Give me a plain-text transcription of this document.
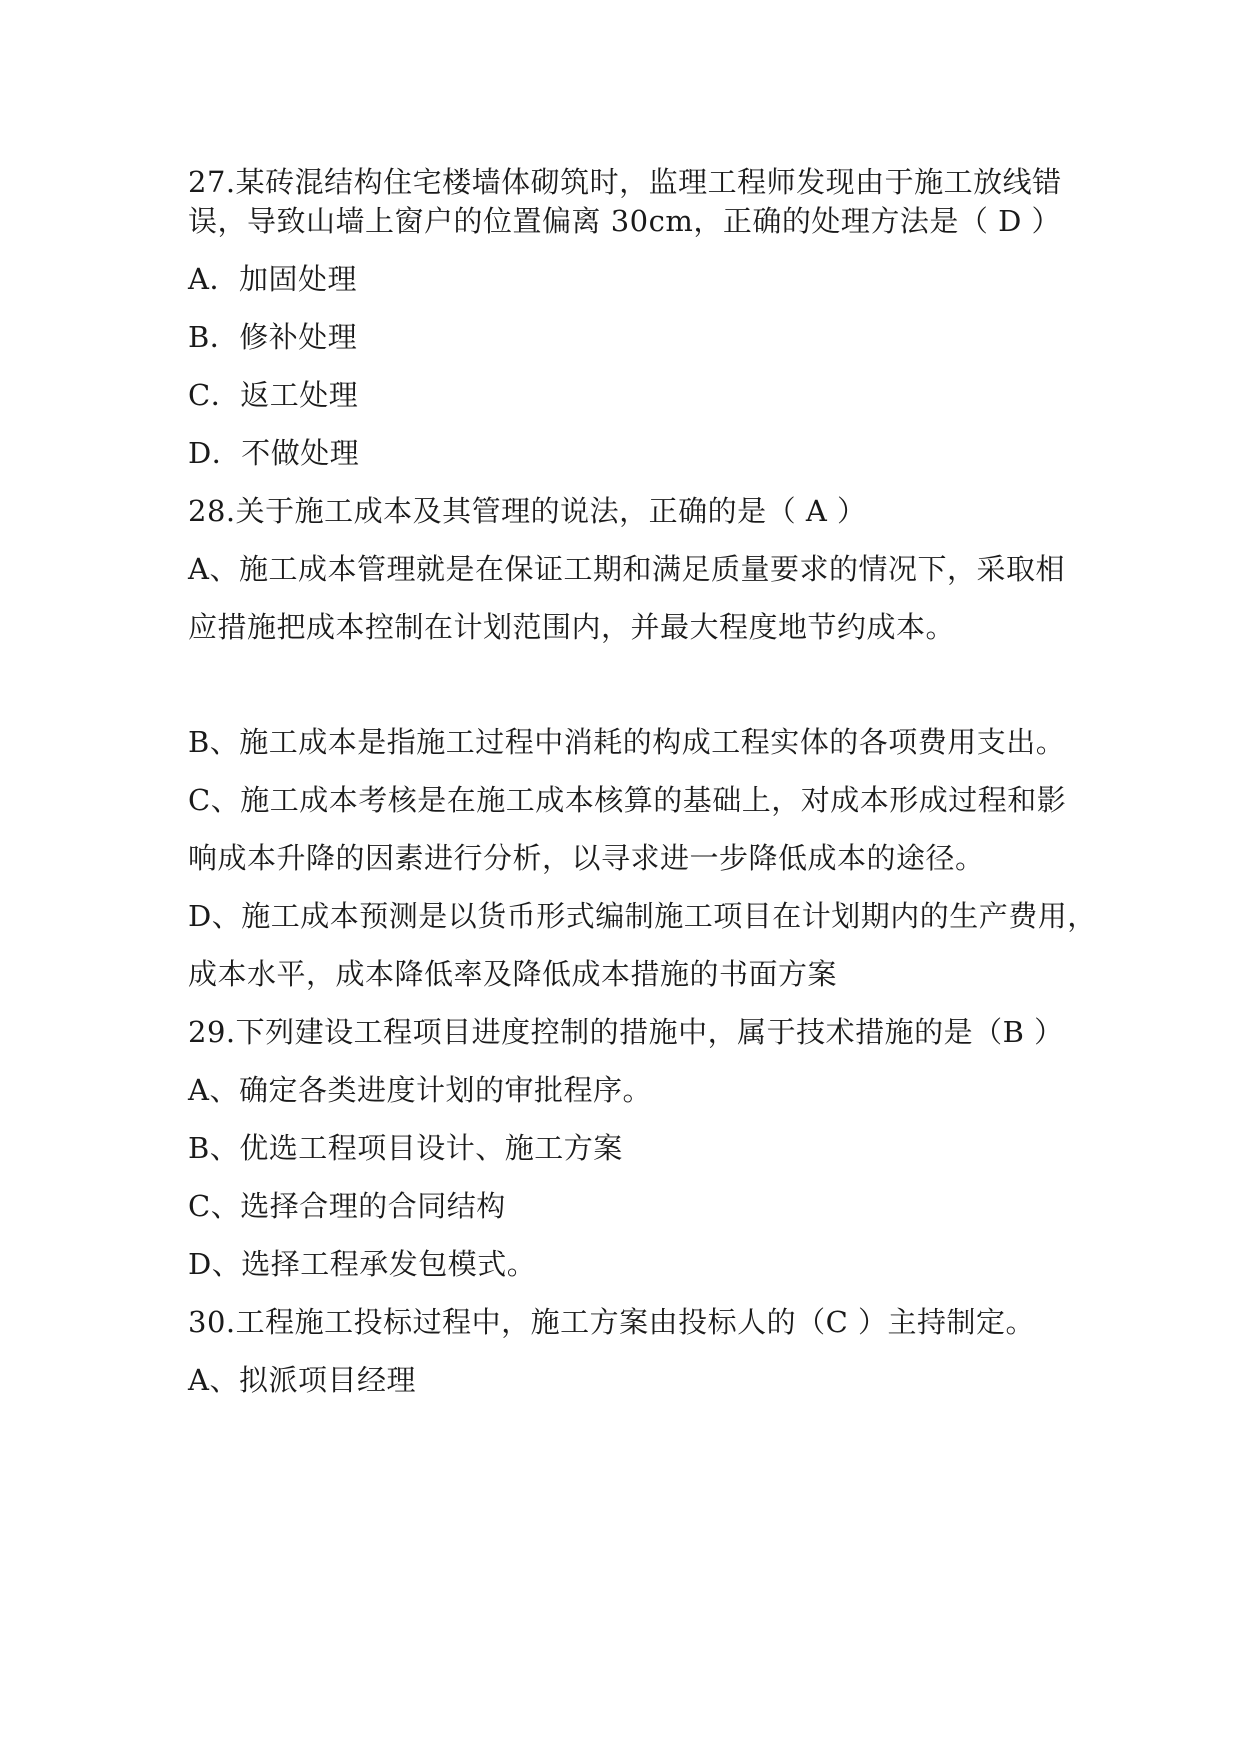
27.某砖混结构住宅楼墙体砌筑时，监理工程师发现由于施工放线错
误，导致山墙上窗户的位置偏离 30cm，正确的处理方法是（ D ）
A．加固处理
B．修补处理
C．返工处理
D．不做处理
28.关于施工成本及其管理的说法，正确的是（ A ）
A、施工成本管理就是在保证工期和满足质量要求的情况下，采取相
应措施把成本控制在计划范围内，并最大程度地节约成本。
B、施工成本是指施工过程中消耗的构成工程实体的各项费用支出。
C、施工成本考核是在施工成本核算的基础上，对成本形成过程和影
响成本升降的因素进行分析，以寻求进一步降低成本的途径。
D、施工成本预测是以货币形式编制施工项目在计划期内的生产费用，
成本水平，成本降低率及降低成本措施的书面方案
29.下列建设工程项目进度控制的措施中，属于技术措施的是（B ）
A、确定各类进度计划的审批程序。
B、优选工程项目设计、施工方案
C、选择合理的合同结构
D、选择工程承发包模式。
30.工程施工投标过程中，施工方案由投标人的（C ）主持制定。
A、拟派项目经理
